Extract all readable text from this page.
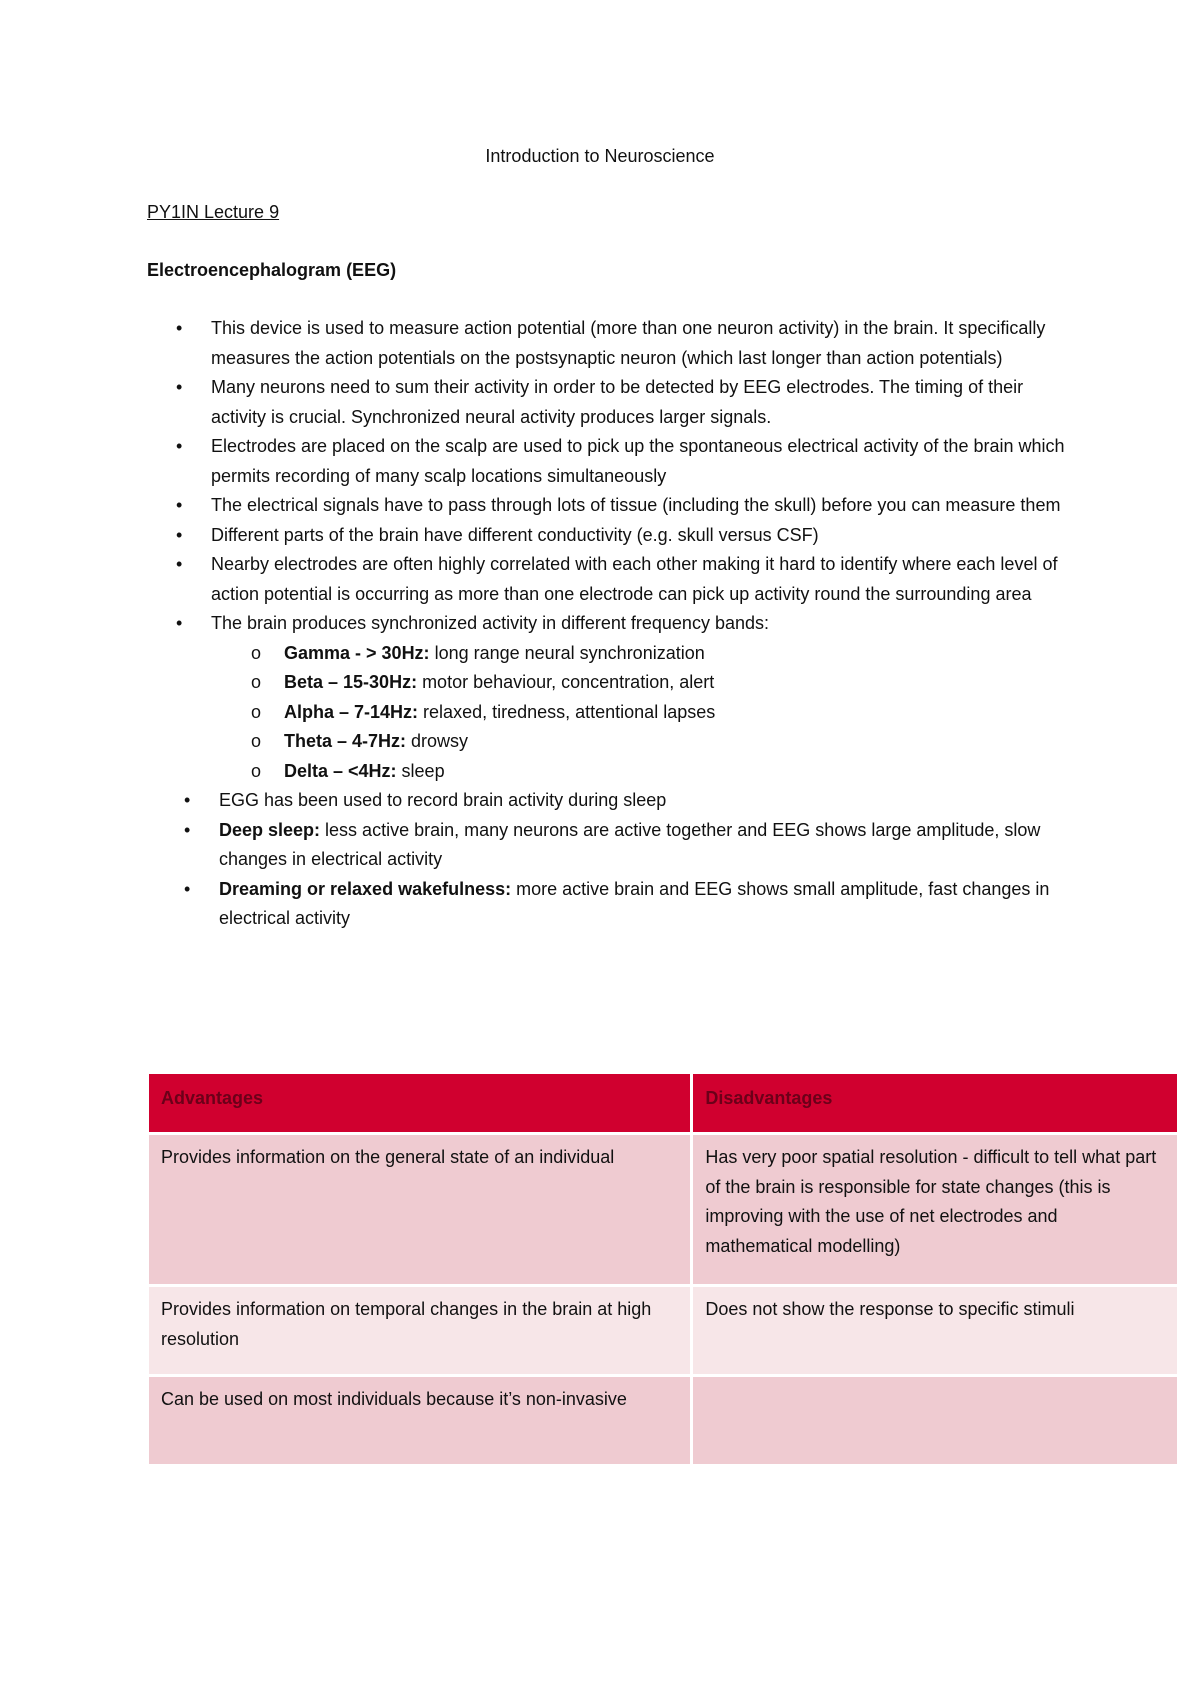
Introduction to Neuroscience
PY1IN Lecture 9
Electroencephalogram (EEG)
• This device is used to measure action potential (more than one neuron activity) in the brain. It specifically measures the action potentials on the postsynaptic neuron (which last longer than action potentials)
• Many neurons need to sum their activity in order to be detected by EEG electrodes. The timing of their activity is crucial. Synchronized neural activity produces larger signals.
• Electrodes are placed on the scalp are used to pick up the spontaneous electrical activity of the brain which permits recording of many scalp locations simultaneously
• The electrical signals have to pass through lots of tissue (including the skull) before you can measure them
• Different parts of the brain have different conductivity (e.g. skull versus CSF)
• Nearby electrodes are often highly correlated with each other making it hard to identify where each level of action potential is occurring as more than one electrode can pick up activity round the surrounding area
• The brain produces synchronized activity in different frequency bands:
o Gamma - > 30Hz: long range neural synchronization
o Beta – 15-30Hz: motor behaviour, concentration, alert
o Alpha – 7-14Hz: relaxed, tiredness, attentional lapses
o Theta – 4-7Hz: drowsy
o Delta – <4Hz: sleep
• EGG has been used to record brain activity during sleep
• Deep sleep: less active brain, many neurons are active together and EEG shows large amplitude, slow changes in electrical activity
• Dreaming or relaxed wakefulness: more active brain and EEG shows small amplitude, fast changes in electrical activity
Advantages	Disadvantages
Provides information on the general state of an individual	Has very poor spatial resolution - difficult to tell what part of the brain is responsible for state changes (this is improving with the use of net electrodes and mathematical modelling)
Provides information on temporal changes in the brain at high resolution	Does not show the response to specific stimuli
Can be used on most individuals because it’s non-invasive	
